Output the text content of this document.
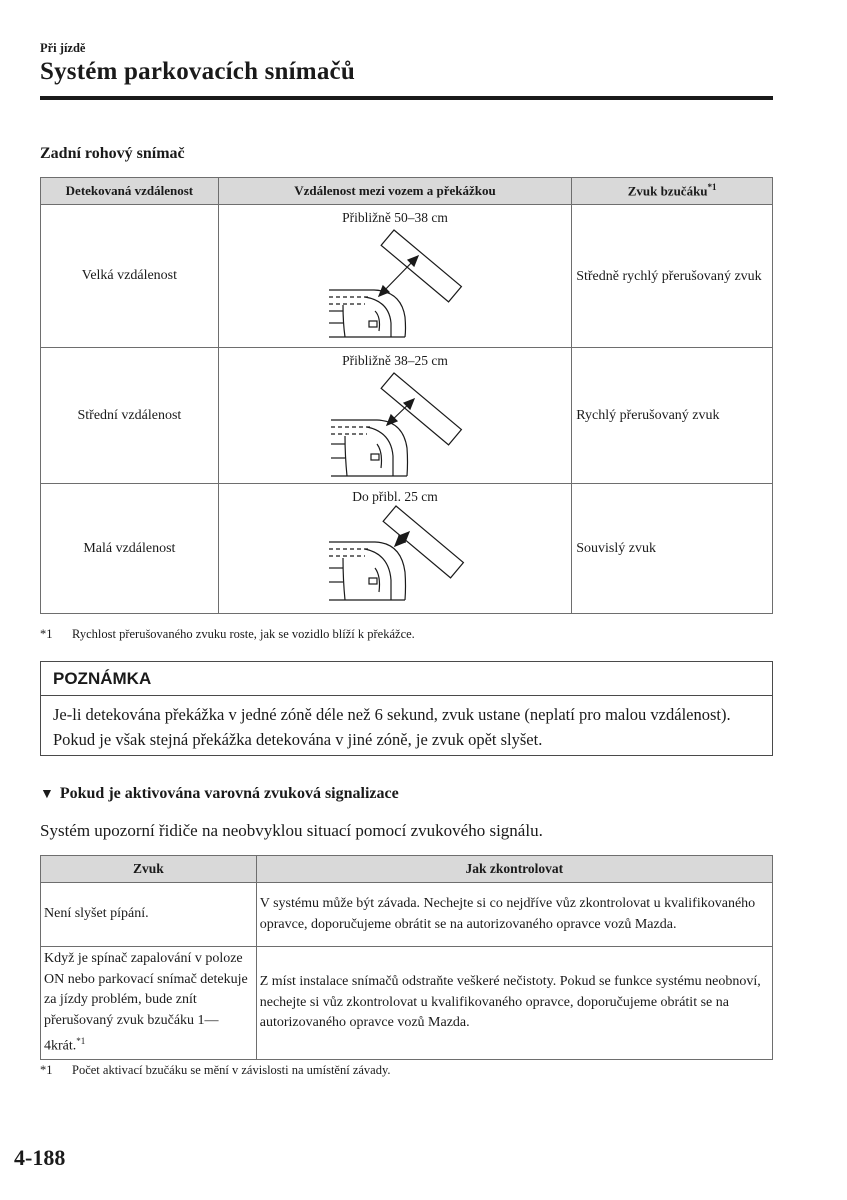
Při jízdě
Systém parkovacích snímačů
Zadní rohový snímač
Detekovaná vzdálenost	Vzdálenost mezi vozem a překážkou	Zvuk bzučáku$^{*1}$
Velká vzdálenost	Přibližně 50–38 cm	Středně rychlý přerušovaný zvuk
Střední vzdálenost	Přibližně 38–25 cm	Rychlý přerušovaný zvuk
Malá vzdálenost	Do přibl. 25 cm	Souvislý zvuk
*1 Rychlost přerušovaného zvuku roste, jak se vozidlo blíží k překážce.
POZNÁMKA
Je-li detekována překážka v jedné zóně déle než 6 sekund, zvuk ustane (neplatí pro malou vzdálenost). Pokud je však stejná překážka detekována v jiné zóně, je zvuk opět slyšet.
▼ Pokud je aktivována varovná zvuková signalizace
Systém upozorní řidiče na neobvyklou situací pomocí zvukového signálu.
Zvuk	Jak zkontrolovat
Není slyšet pípání.	V systému může být závada. Nechejte si co nejdříve vůz zkontrolovat u kvalifikovaného opravce, doporučujeme obrátit se na autorizovaného opravce vozů Mazda.
Když je spínač zapalování v poloze ON nebo parkovací snímač detekuje za jízdy problém, bude znít přerušovaný zvuk bzučáku 1—4krát.$^{*1}$	Z míst instalace snímačů odstraňte veškeré nečistoty. Pokud se funkce systému neobnoví, nechejte si vůz zkontrolovat u kvalifikovaného opravce, doporučujeme obrátit se na autorizovaného opravce vozů Mazda.
*1 Počet aktivací bzučáku se mění v závislosti na umístění závady.
4-188
